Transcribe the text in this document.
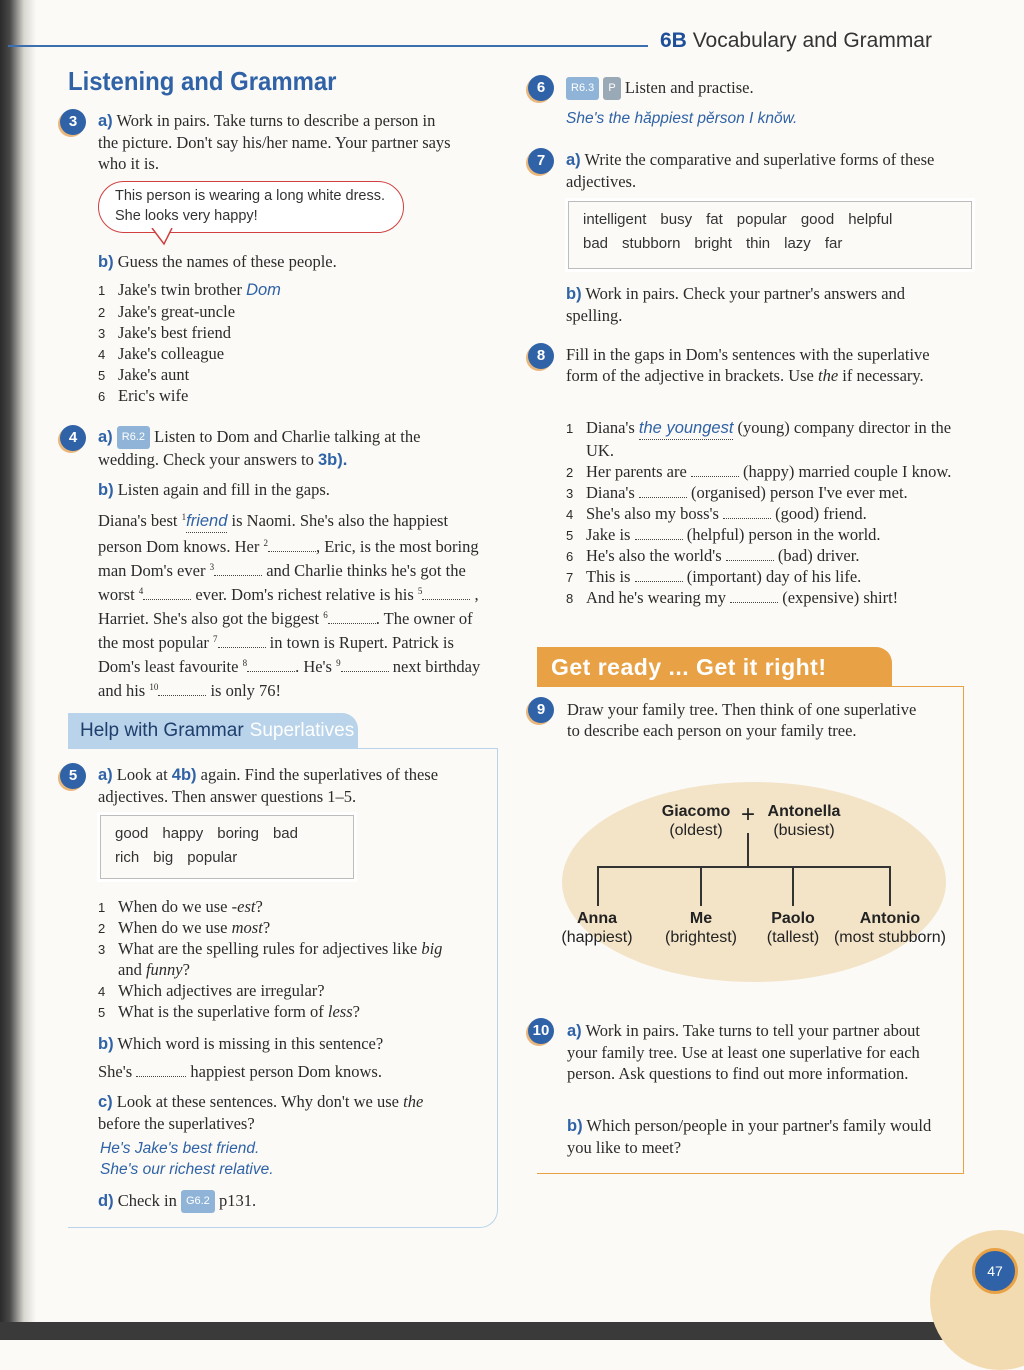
6B Vocabulary and Grammar
Listening and Grammar
3	a) Work in pairs. Take turns to describe a person in the picture. Don't say his/her name. Your partner says who it is.
This person is wearing a long white dress. She looks very happy!
b) Guess the names of these people.
1 Jake's twin brother Dom
2 Jake's great-uncle
3 Jake's best friend
4 Jake's colleague
5 Jake's aunt
6 Eric's wife
4	a) R6.2 Listen to Dom and Charlie talking at the wedding. Check your answers to 3b).
b) Listen again and fill in the gaps.
Diana's best $^1$friend is Naomi. She's also the happiest person Dom knows. Her $^2$	, Eric, is the most boring man Dom's ever $^3$	and Charlie thinks he's got the worst $^4$	ever. Dom's richest relative is his $^5$	, Harriet. She's also got the biggest $^6$	. The owner of the most popular $^7$	in town is Rupert. Patrick is Dom's least favourite $^8$	. He's $^9$	next birthday and his $^{10}$	is only 76!
Help with Grammar Superlatives
5	a) Look at 4b) again. Find the superlatives of these adjectives. Then answer questions 1–5.
good happy boring bad
rich big popular
1 When do we use -est?
2 When do we use most?
3 What are the spelling rules for adjectives like big and funny?
4 Which adjectives are irregular?
5 What is the superlative form of less?
b) Which word is missing in this sentence?
She's	happiest person Dom knows.
c) Look at these sentences. Why don't we use the before the superlatives?
He's Jake's best friend.
She's our richest relative.
d) Check in G6.2 p131.
6	R6.3 P Listen and practise.
She's the hăppiest pěrson I knŏw.
7	a) Write the comparative and superlative forms of these adjectives.
intelligent busy fat popular good helpful
bad stubborn bright thin lazy far
b) Work in pairs. Check your partner's answers and spelling.
8	Fill in the gaps in Dom's sentences with the superlative form of the adjective in brackets. Use the if necessary.
1 Diana's the youngest (young) company director in the UK.
2 Her parents are	(happy) married couple I know.
3 Diana's	(organised) person I've ever met.
4 She's also my boss's	(good) friend.
5 Jake is	(helpful) person in the world.
6 He's also the world's	(bad) driver.
7 This is	(important) day of his life.
8 And he's wearing my	(expensive) shirt!
Get ready ... Get it right!
9	Draw your family tree. Then think of one superlative to describe each person on your family tree.
Giacomo
(oldest)
+ Antonella
(busiest)
Anna
(happiest)
Me
(brightest)
Paolo
(tallest)
Antonio
(most stubborn)
10 a) Work in pairs. Take turns to tell your partner about your family tree. Use at least one superlative for each person. Ask questions to find out more information.
b) Which person/people in your partner's family would you like to meet?
47
